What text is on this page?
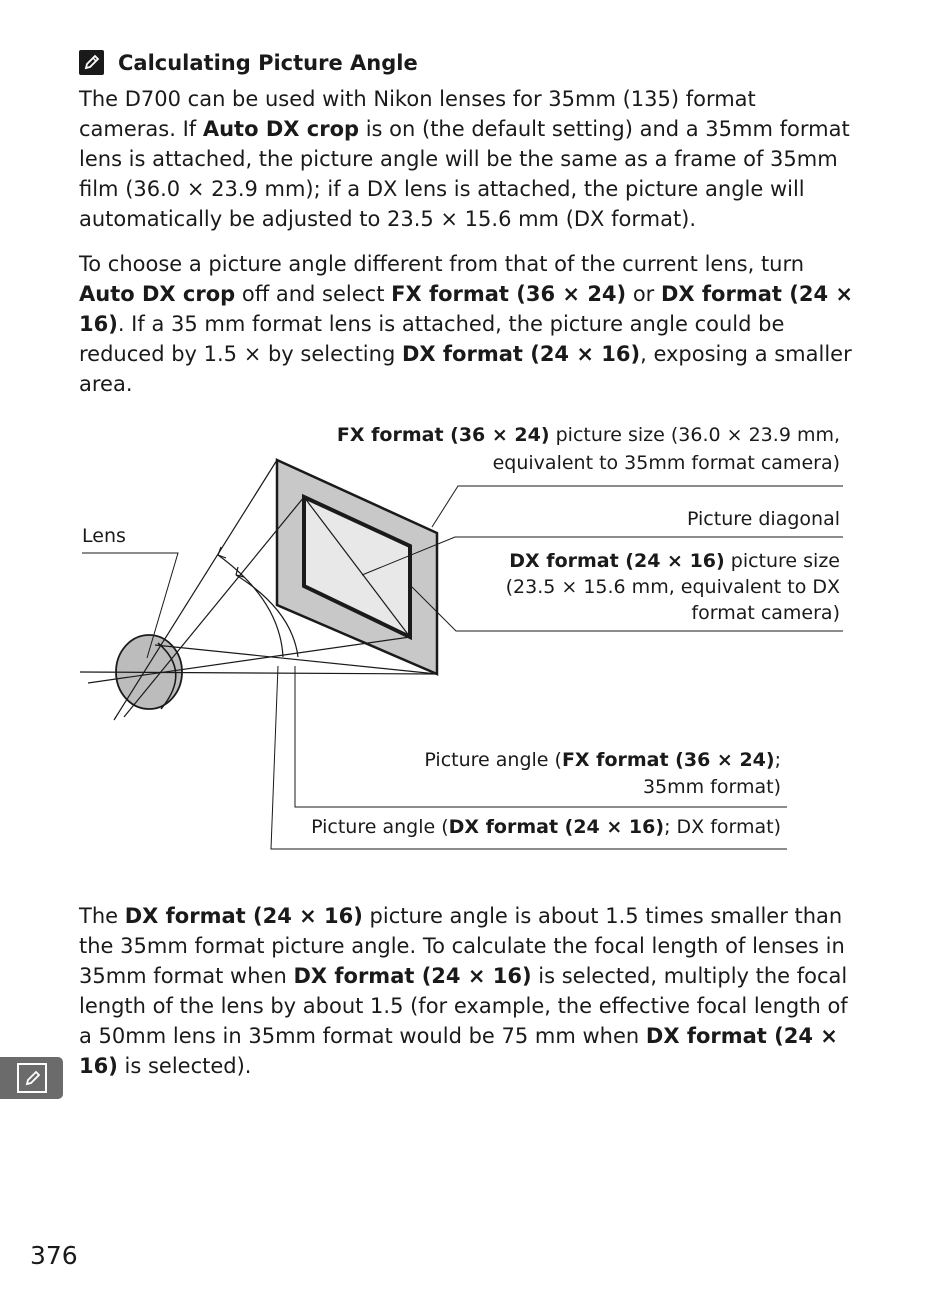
Calculating Picture Angle

The D700 can be used with Nikon lenses for 35mm (135) format cameras. If Auto DX crop is on (the default setting) and a 35mm format lens is attached, the picture angle will be the same as a frame of 35mm film (36.0 × 23.9 mm); if a DX lens is attached, the picture angle will automatically be adjusted to 23.5 × 15.6 mm (DX format).

To choose a picture angle different from that of the current lens, turn Auto DX crop off and select FX format (36 × 24) or DX format (24 × 16). If a 35 mm format lens is attached, the picture angle could be reduced by 1.5 × by selecting DX format (24 × 16), exposing a smaller area.

FX format (36 × 24) picture size (36.0 × 23.9 mm,
equivalent to 35mm format camera)
Lens
Picture diagonal
DX format (24 × 16) picture size
(23.5 × 15.6 mm, equivalent to DX
format camera)
Picture angle (FX format (36 × 24);
35mm format)
Picture angle (DX format (24 × 16); DX format)

The DX format (24 × 16) picture angle is about 1.5 times smaller than the 35mm format picture angle. To calculate the focal length of lenses in 35mm format when DX format (24 × 16) is selected, multiply the focal length of the lens by about 1.5 (for example, the effective focal length of a 50mm lens in 35mm format would be 75 mm when DX format (24 × 16) is selected).

376
